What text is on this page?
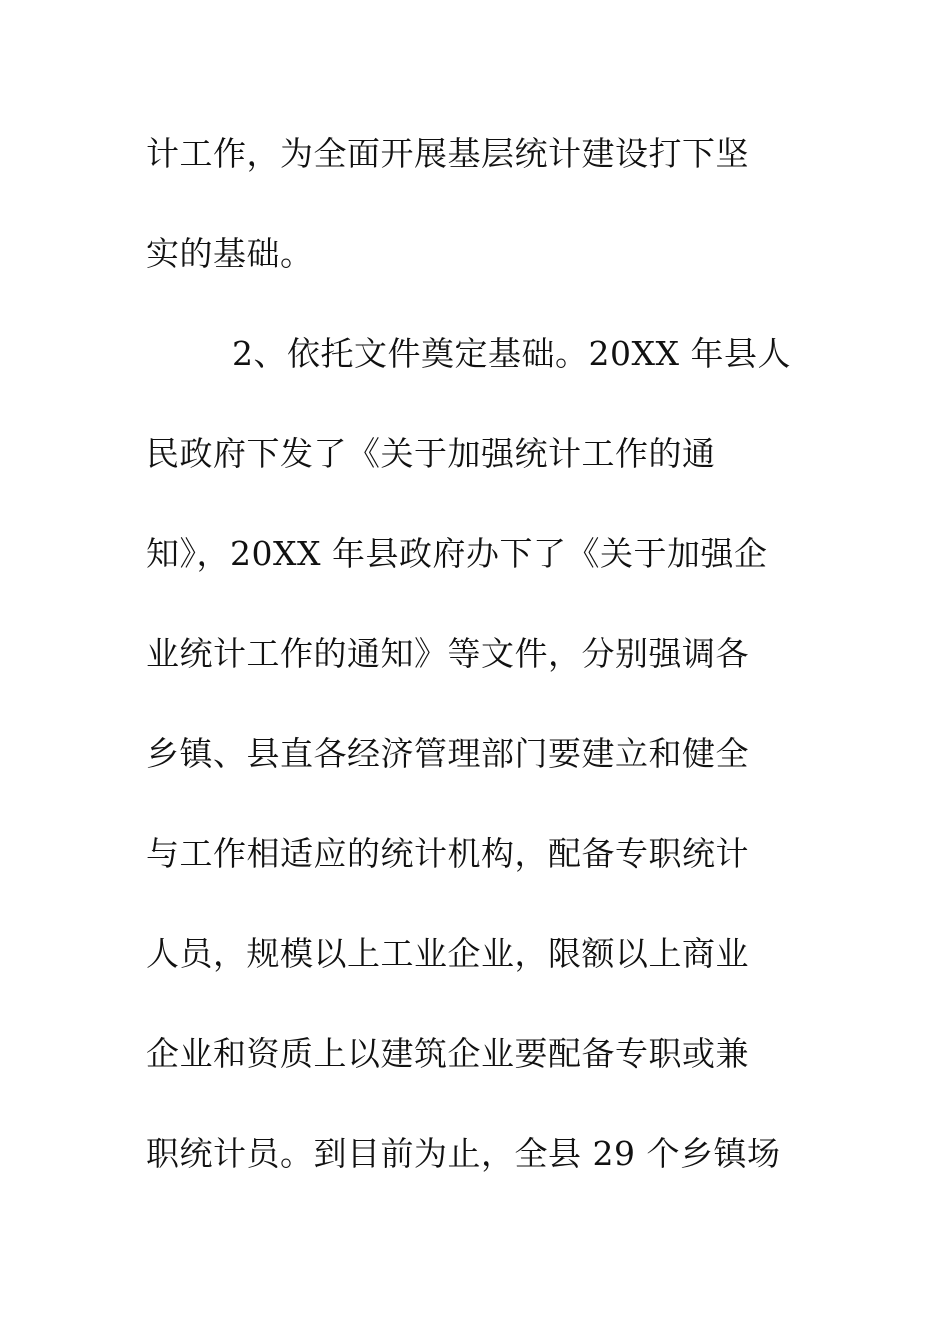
计工作，为全面开展基层统计建设打下坚
实的基础。
2、依托文件奠定基础。20XX 年县人
民政府下发了《关于加强统计工作的通
知》，20XX 年县政府办下了《关于加强企
业统计工作的通知》等文件，分别强调各
乡镇、县直各经济管理部门要建立和健全
与工作相适应的统计机构，配备专职统计
人员，规模以上工业企业，限额以上商业
企业和资质上以建筑企业要配备专职或兼
职统计员。到目前为止，全县 29 个乡镇场
